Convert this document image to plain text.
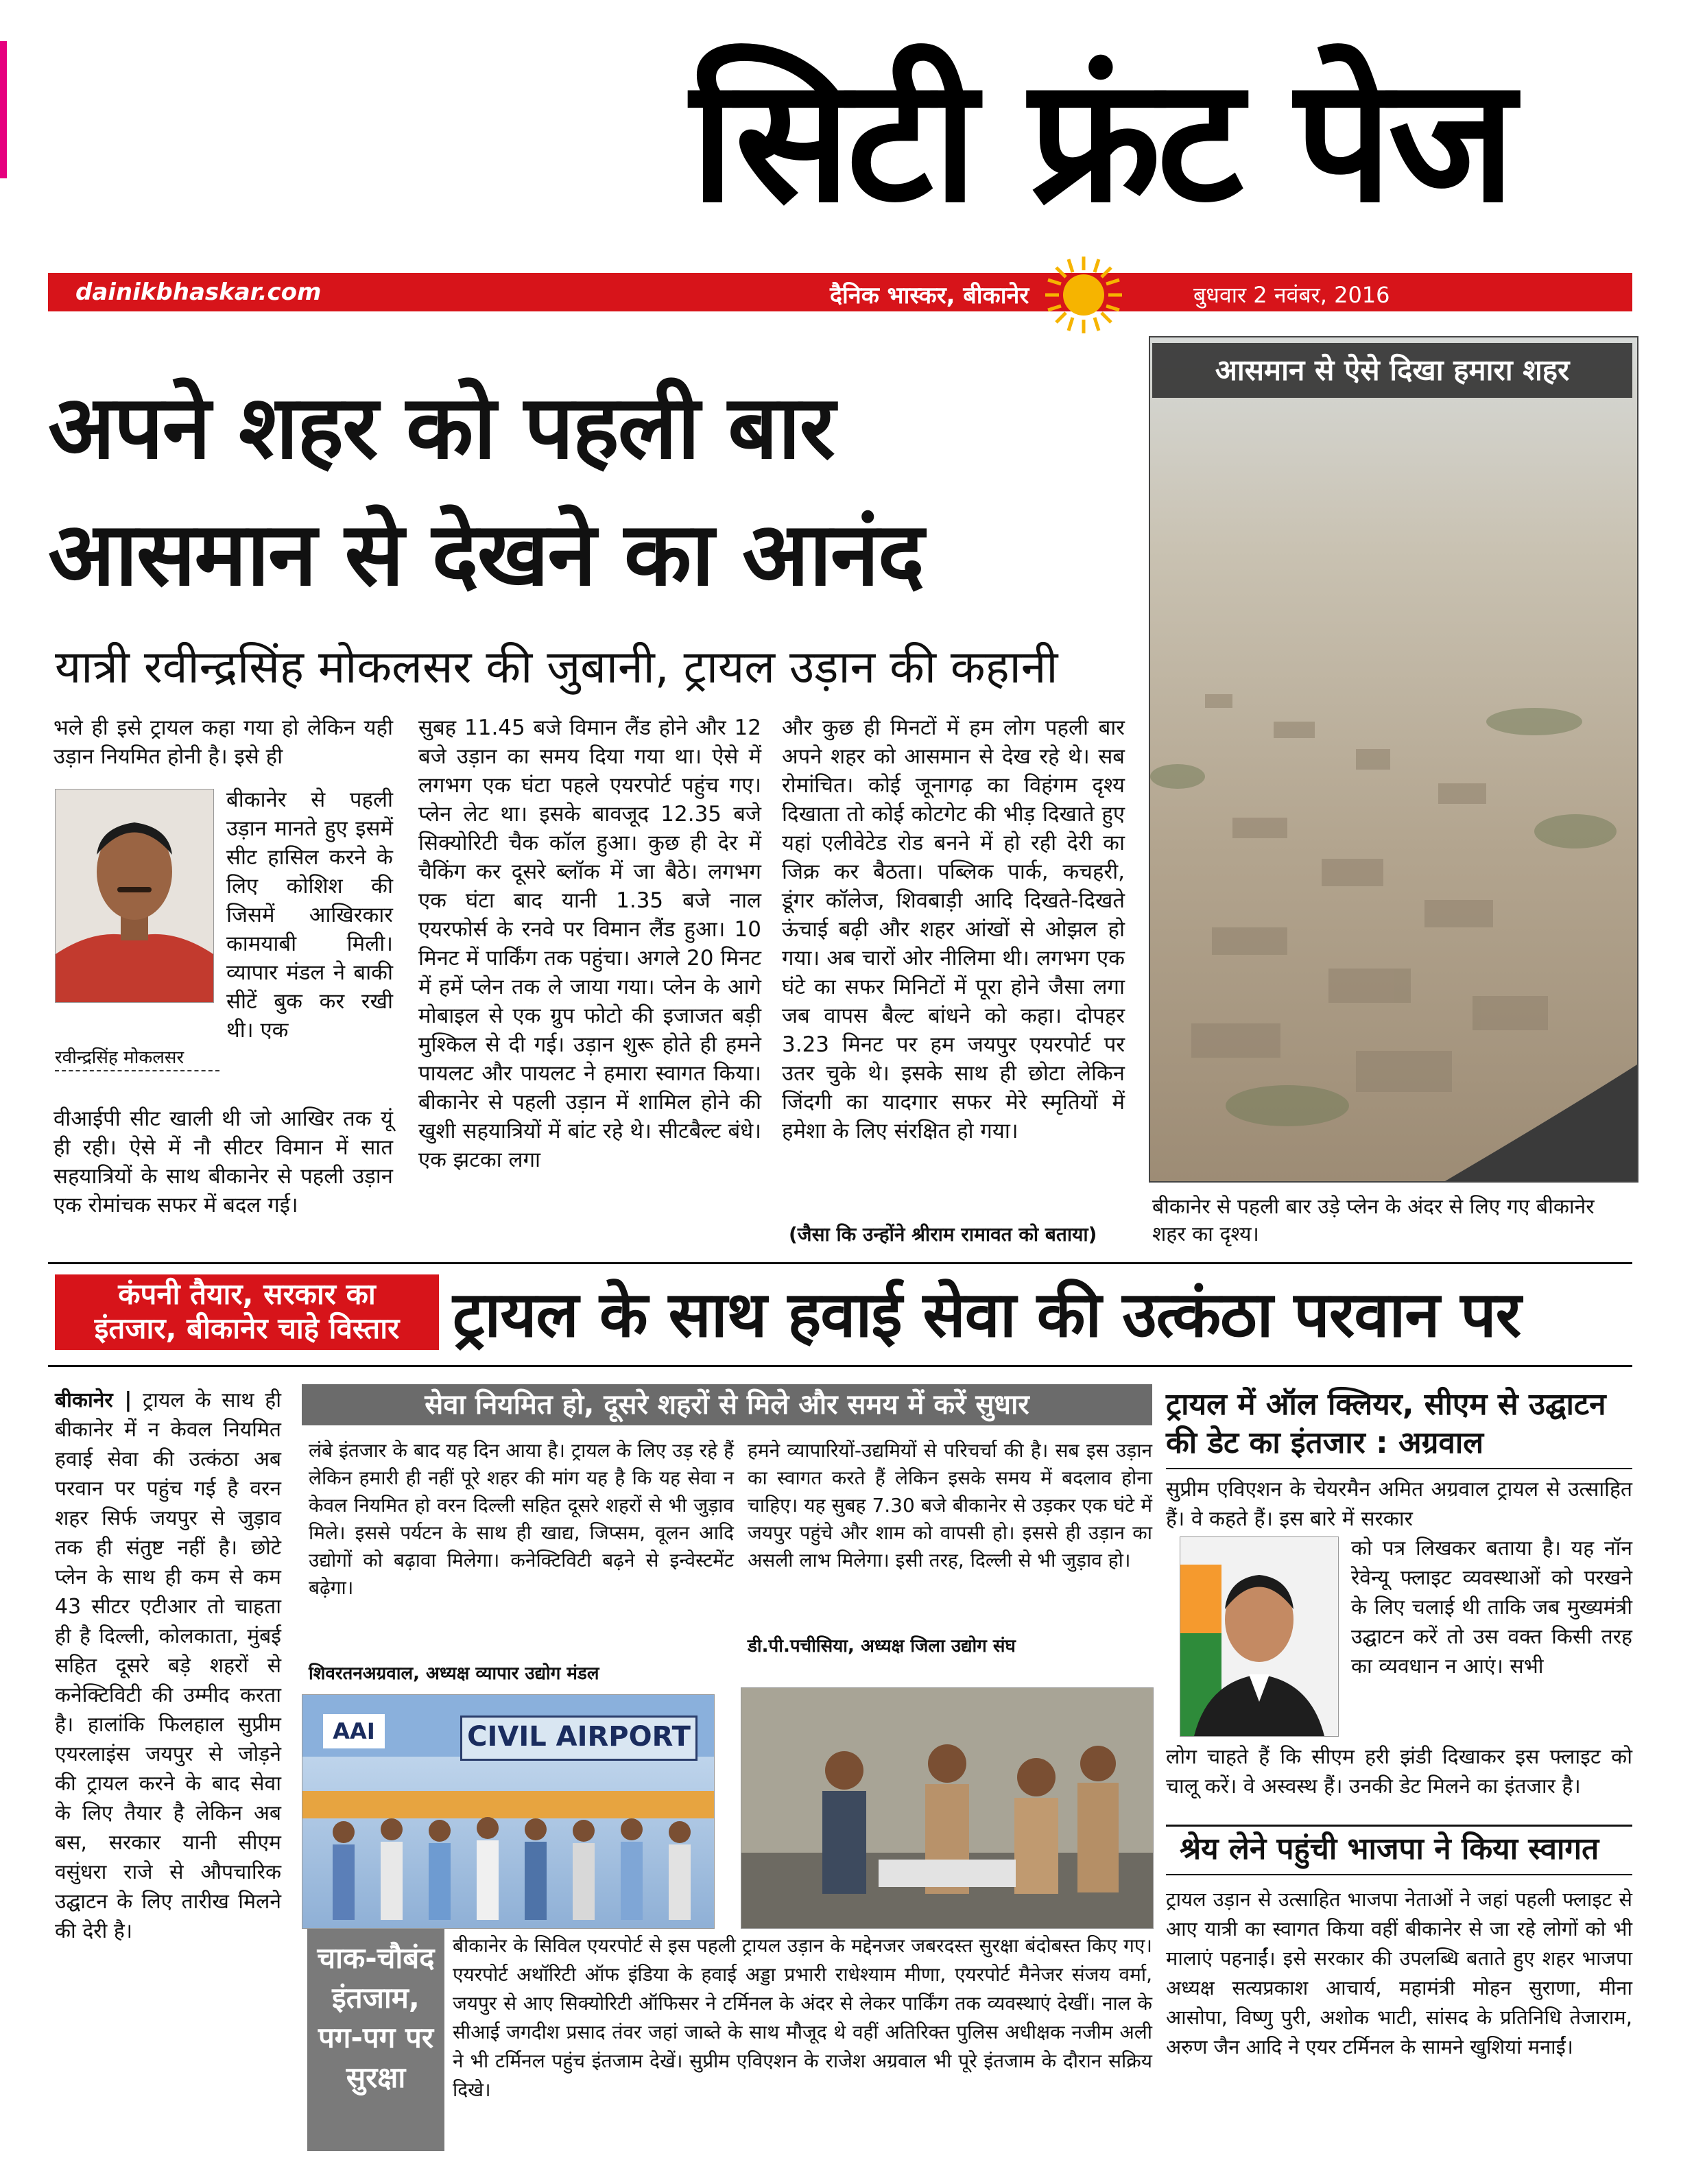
सिटी फ्रंट पेज
dainikbhaskar.com	दैनिक भास्कर, बीकानेर	बुधवार 2 नवंबर, 2016
अपने शहर को पहली बार
आसमान से देखने का आनंद
यात्री रवीन्द्रसिंह मोकलसर की जुबानी, ट्रायल उड़ान की कहानी
भले ही इसे ट्रायल कहा गया हो लेकिन यही उड़ान नियमित होनी है। इसे ही
बीकानेर से पहली उड़ान मानते हुए इसमें सीट हासिल करने के लिए कोशिश की जिसमें आखिरकार कामयाबी मिली। व्यापार मंडल ने बाकी सीटें बुक कर रखी थी। एक
रवीन्द्रसिंह मोकलसर
वीआईपी सीट खाली थी जो आखिर तक यूं ही रही। ऐसे में नौ सीटर विमान में सात सहयात्रियों के साथ बीकानेर से पहली उड़ान एक रोमांचक सफर में बदल गई।
सुबह 11.45 बजे विमान लैंड होने और 12 बजे उड़ान का समय दिया गया था। ऐसे में लगभग एक घंटा पहले एयरपोर्ट पहुंच गए। प्लेन लेट था। इसके बावजूद 12.35 बजे सिक्योरिटी चैक कॉल हुआ। कुछ ही देर में चैकिंग कर दूसरे ब्लॉक में जा बैठे। लगभग एक घंटा बाद यानी 1.35 बजे नाल एयरफोर्स के रनवे पर विमान लैंड हुआ। 10 मिनट में पार्किंग तक पहुंचा। अगले 20 मिनट में हमें प्लेन तक ले जाया गया। प्लेन के आगे मोबाइल से एक ग्रुप फोटो की इजाजत बड़ी मुश्किल से दी गई। उड़ान शुरू होते ही हमने पायलट और पायलट ने हमारा स्वागत किया। बीकानेर से पहली उड़ान में शामिल होने की खुशी सहयात्रियों में बांट रहे थे। सीटबैल्ट बंधे। एक झटका लगा
और कुछ ही मिनटों में हम लोग पहली बार अपने शहर को आसमान से देख रहे थे। सब रोमांचित। कोई जूनागढ़ का विहंगम दृश्य दिखाता तो कोई कोटगेट की भीड़ दिखाते हुए यहां एलीवेटेड रोड बनने में हो रही देरी का जिक्र कर बैठता। पब्लिक पार्क, कचहरी, डूंगर कॉलेज, शिवबाड़ी आदि दिखते-दिखते ऊंचाई बढ़ी और शहर आंखों से ओझल हो गया। अब चारों ओर नीलिमा थी। लगभग एक घंटे का सफर मिनिटों में पूरा होने जैसा लगा जब वापस बैल्ट बांधने को कहा। दोपहर 3.23 मिनट पर हम जयपुर एयरपोर्ट पर उतर चुके थे। इसके साथ ही छोटा लेकिन जिंदगी का यादगार सफर मेरे स्मृतियों में हमेशा के लिए संरक्षित हो गया।
(जैसा कि उन्होंने श्रीराम रामावत को बताया)
आसमान से ऐसे दिखा हमारा शहर
बीकानेर से पहली बार उड़े प्लेन के अंदर से लिए गए बीकानेर शहर का दृश्य।
कंपनी तैयार, सरकार का
इंतजार, बीकानेर चाहे विस्तार ट्रायल के साथ हवाई सेवा की उत्कंठा परवान पर
बीकानेर | ट्रायल के साथ ही बीकानेर में न केवल नियमित हवाई सेवा की उत्कंठा अब परवान पर पहुंच गई है वरन शहर सिर्फ जयपुर से जुड़ाव तक ही संतुष्ट नहीं है। छोटे प्लेन के साथ ही कम से कम 43 सीटर एटीआर तो चाहता ही है दिल्ली, कोलकाता, मुंबई सहित दूसरे बड़े शहरों से कनेक्टिविटी की उम्मीद करता है। हालांकि फिलहाल सुप्रीम एयरलाइंस जयपुर से जोड़ने की ट्रायल करने के बाद सेवा के लिए तैयार है लेकिन अब बस, सरकार यानी सीएम वसुंधरा राजे से औपचारिक उद्घाटन के लिए तारीख मिलने की देरी है।
सेवा नियमित हो, दूसरे शहरों से मिले और समय में करें सुधार
लंबे इंतजार के बाद यह दिन आया है। ट्रायल के लिए उड़ रहे हैं लेकिन हमारी ही नहीं पूरे शहर की मांग यह है कि यह सेवा न केवल नियमित हो वरन दिल्ली सहित दूसरे शहरों से भी जुड़ाव मिले। इससे पर्यटन के साथ ही खाद्य, जिप्सम, वूलन आदि उद्योगों को बढ़ावा मिलेगा। कनेक्टिविटी बढ़ने से इन्वेस्टमेंट बढ़ेगा।
शिवरतनअग्रवाल, अध्यक्ष व्यापार उद्योग मंडल
हमने व्यापारियों-उद्यमियों से परिचर्चा की है। सब इस उड़ान का स्वागत करते हैं लेकिन इसके समय में बदलाव होना चाहिए। यह सुबह 7.30 बजे बीकानेर से उड़कर एक घंटे में जयपुर पहुंचे और शाम को वापसी हो। इससे ही उड़ान का असली लाभ मिलेगा। इसी तरह, दिल्ली से भी जुड़ाव हो।
डी.पी.पचीसिया, अध्यक्ष जिला उद्योग संघ
CIVIL AIRPORT
AAI
चाक-चौबंद इंतजाम, पग-पग पर सुरक्षा
बीकानेर के सिविल एयरपोर्ट से इस पहली ट्रायल उड़ान के मद्देनजर जबरदस्त सुरक्षा बंदोबस्त किए गए। एयरपोर्ट अथॉरिटी ऑफ इंडिया के हवाई अड्डा प्रभारी राधेश्याम मीणा, एयरपोर्ट मैनेजर संजय वर्मा, जयपुर से आए सिक्योरिटी ऑफिसर ने टर्मिनल के अंदर से लेकर पार्किंग तक व्यवस्थाएं देखीं। नाल के सीआई जगदीश प्रसाद तंवर जहां जाब्ते के साथ मौजूद थे वहीं अतिरिक्त पुलिस अधीक्षक नजीम अली ने भी टर्मिनल पहुंच इंतजाम देखें। सुप्रीम एविएशन के राजेश अग्रवाल भी पूरे इंतजाम के दौरान सक्रिय दिखे।
ट्रायल में ऑल क्लियर, सीएम से उद्घाटन की डेट का इंतजार : अग्रवाल
सुप्रीम एविएशन के चेयरमैन अमित अग्रवाल ट्रायल से उत्साहित हैं। वे कहते हैं। इस बारे में सरकार
को पत्र लिखकर बताया है। यह नॉन रेवेन्यू फ्लाइट व्यवस्थाओं को परखने के लिए चलाई थी ताकि जब मुख्यमंत्री उद्घाटन करें तो उस वक्त किसी तरह का व्यवधान न आएं। सभी
लोग चाहते हैं कि सीएम हरी झंडी दिखाकर इस फ्लाइट को चालू करें। वे अस्वस्थ हैं। उनकी डेट मिलने का इंतजार है।
श्रेय लेने पहुंची भाजपा ने किया स्वागत
ट्रायल उड़ान से उत्साहित भाजपा नेताओं ने जहां पहली फ्लाइट से आए यात्री का स्वागत किया वहीं बीकानेर से जा रहे लोगों को भी मालाएं पहनाईं। इसे सरकार की उपलब्धि बताते हुए शहर भाजपा अध्यक्ष सत्यप्रकाश आचार्य, महामंत्री मोहन सुराणा, मीना आसोपा, विष्णु पुरी, अशोक भाटी, सांसद के प्रतिनिधि तेजाराम, अरुण जैन आदि ने एयर टर्मिनल के सामने खुशियां मनाईं।
